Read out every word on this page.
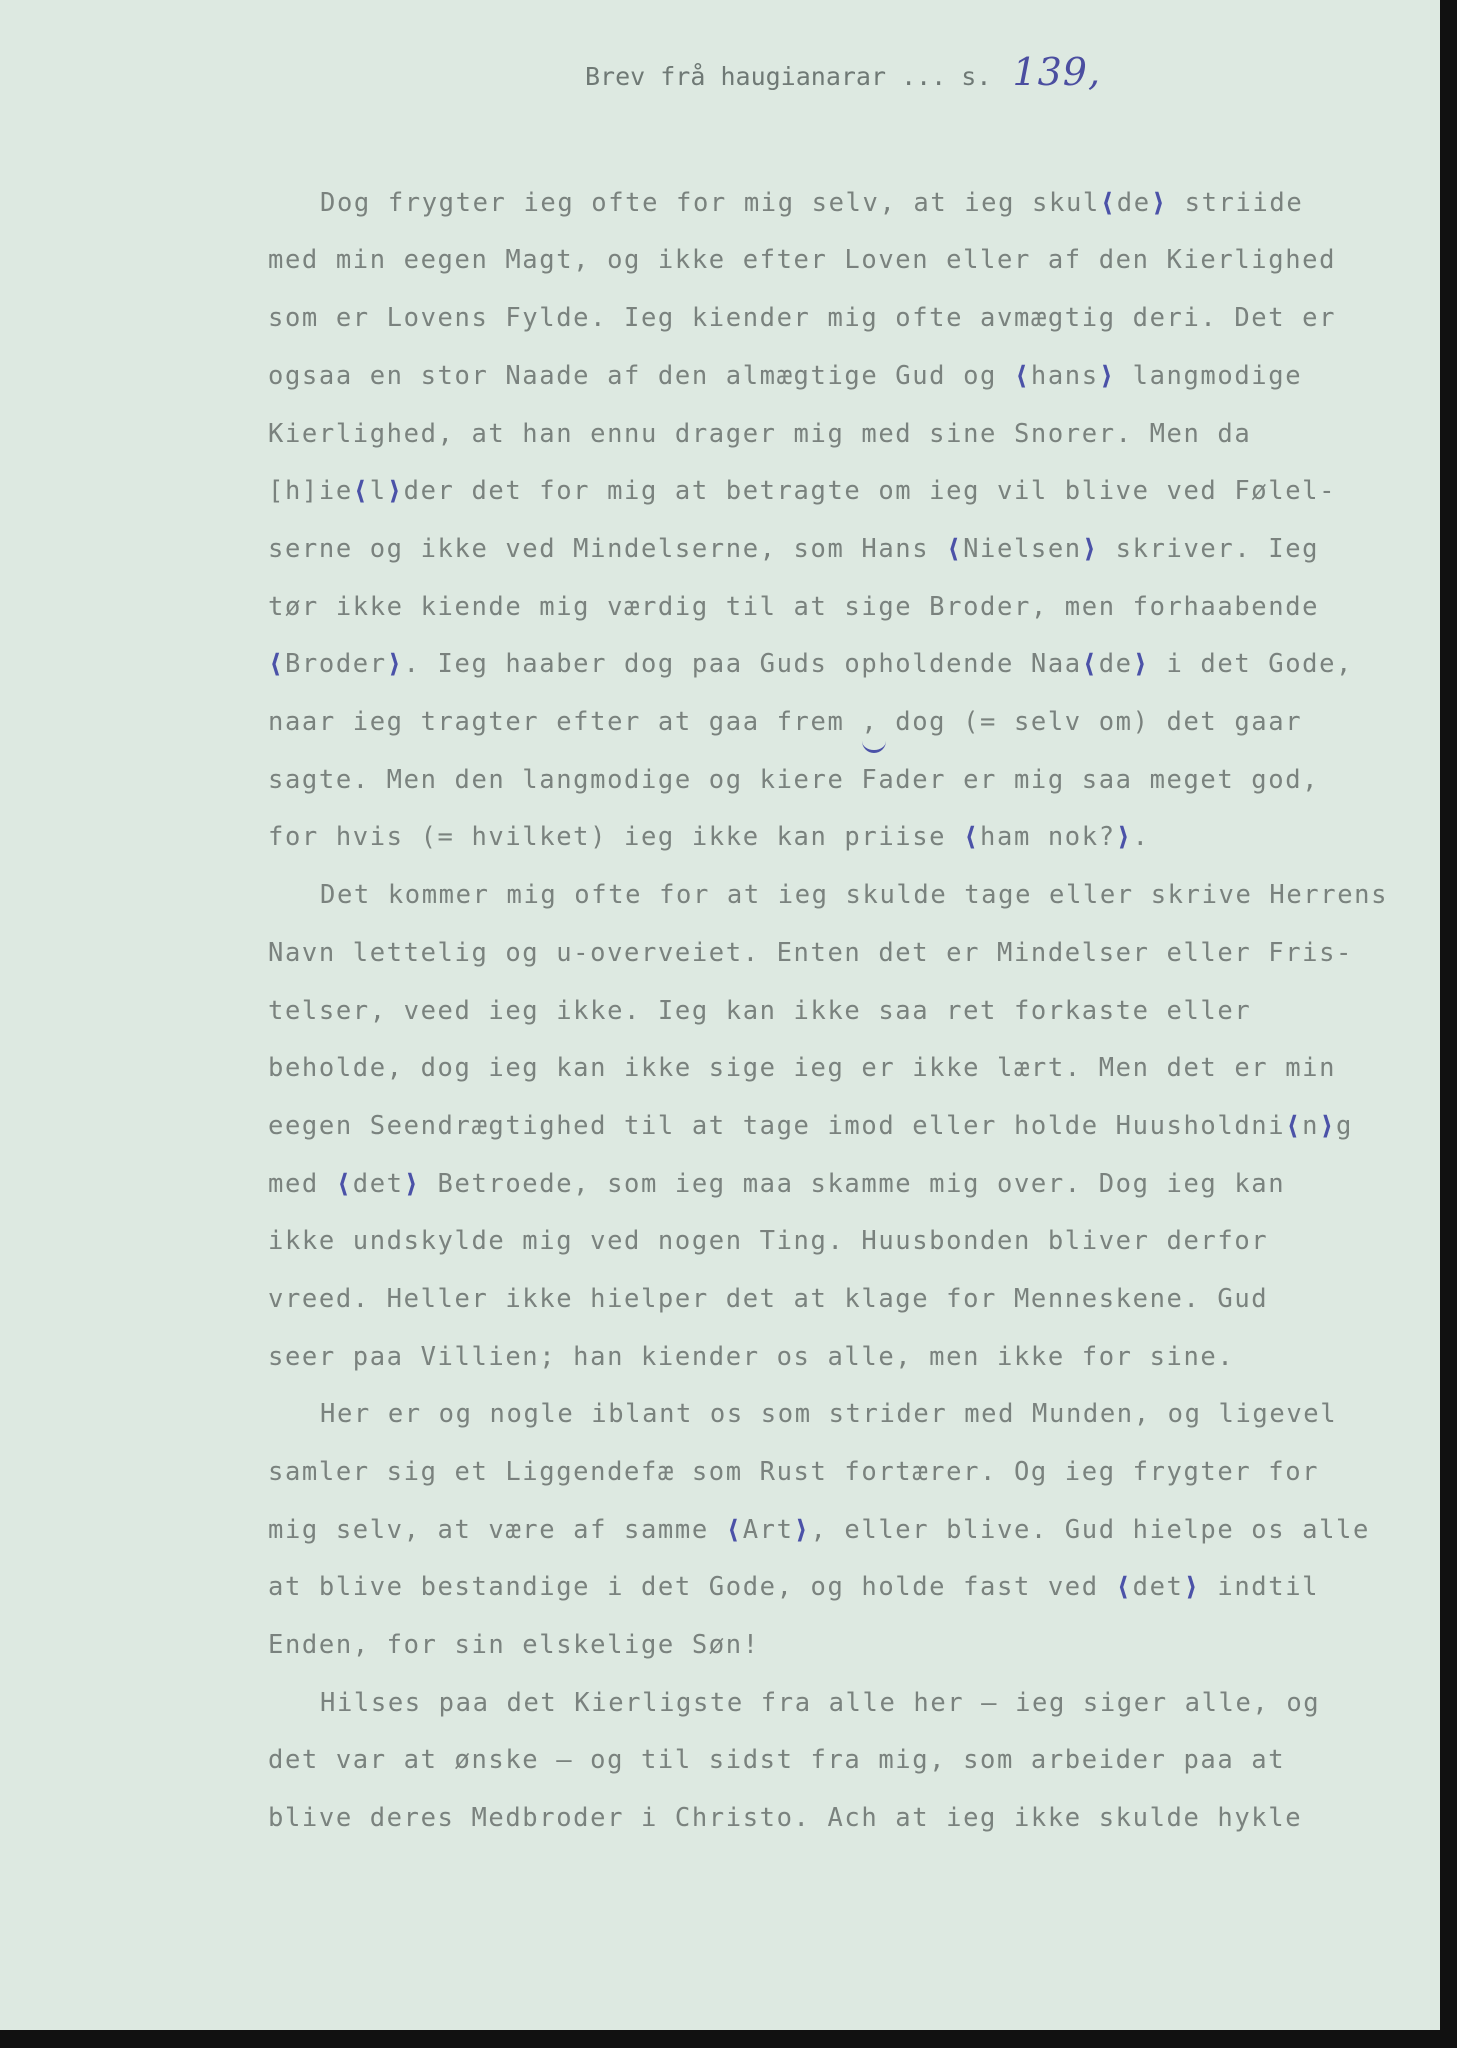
Brev frå haugianarar ... s. 139,
Dog frygter ieg ofte for mig selv, at ieg skul⟨de⟩ striide
med min eegen Magt, og ikke efter Loven eller af den Kierlighed
som er Lovens Fylde. Ieg kiender mig ofte avmægtig deri. Det er
ogsaa en stor Naade af den almægtige Gud og ⟨hans⟩ langmodige
Kierlighed, at han ennu drager mig med sine Snorer. Men da
[h]ie⟨l⟩der det for mig at betragte om ieg vil blive ved Følel-
serne og ikke ved Mindelserne, som Hans ⟨Nielsen⟩ skriver. Ieg
tør ikke kiende mig værdig til at sige Broder, men forhaabende
⟨Broder⟩. Ieg haaber dog paa Guds opholdende Naa⟨de⟩ i det Gode,
naar ieg tragter efter at gaa frem , dog (= selv om) det gaar
sagte. Men den langmodige og kiere Fader er mig saa meget god,
for hvis (= hvilket) ieg ikke kan priise ⟨ham nok?⟩.
Det kommer mig ofte for at ieg skulde tage eller skrive Herrens
Navn lettelig og u-overveiet. Enten det er Mindelser eller Fris-
telser, veed ieg ikke. Ieg kan ikke saa ret forkaste eller
beholde, dog ieg kan ikke sige ieg er ikke lært. Men det er min
eegen Seendrægtighed til at tage imod eller holde Huusholdni⟨n⟩g
med ⟨det⟩ Betroede, som ieg maa skamme mig over. Dog ieg kan
ikke undskylde mig ved nogen Ting. Huusbonden bliver derfor
vreed. Heller ikke hielper det at klage for Menneskene. Gud
seer paa Villien; han kiender os alle, men ikke for sine.
Her er og nogle iblant os som strider med Munden, og ligevel
samler sig et Liggendefæ som Rust fortærer. Og ieg frygter for
mig selv, at være af samme ⟨Art⟩, eller blive. Gud hielpe os alle
at blive bestandige i det Gode, og holde fast ved ⟨det⟩ indtil
Enden, for sin elskelige Søn!
Hilses paa det Kierligste fra alle her — ieg siger alle, og
det var at ønske — og til sidst fra mig, som arbeider paa at
blive deres Medbroder i Christo. Ach at ieg ikke skulde hykle
